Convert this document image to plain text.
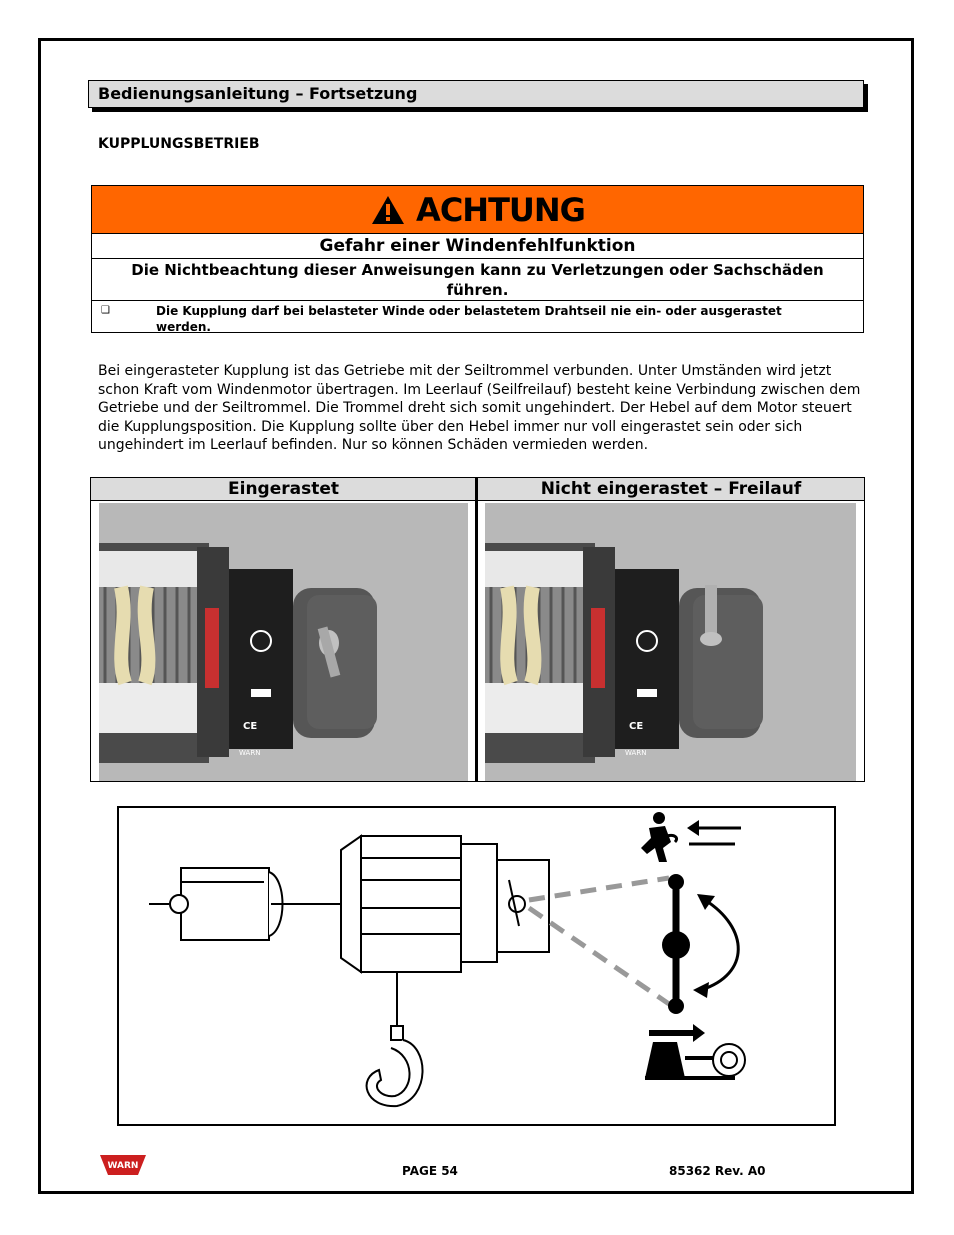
Bedienungsanleitung – Fortsetzung
KUPPLUNGSBETRIEB
ACHTUNG
Gefahr einer Windenfehlfunktion
Die Nichtbeachtung dieser Anweisungen kann zu Verletzungen oder Sachschäden führen.
❑	Die Kupplung darf bei belasteter Winde oder belastetem Drahtseil nie ein- oder ausgerastet werden.
Bei eingerasteter Kupplung ist das Getriebe mit der Seiltrommel verbunden. Unter Umständen wird jetzt
schon Kraft vom Windenmotor übertragen. Im Leerlauf (Seilfreilauf) besteht keine Verbindung zwischen dem
Getriebe und der Seiltrommel. Die Trommel dreht sich somit ungehindert. Der Hebel auf dem Motor steuert
die Kupplungsposition. Die Kupplung sollte über den Hebel immer nur voll eingerastet sein oder sich
ungehindert im Leerlauf befinden. Nur so können Schäden vermieden werden.
Eingerastet	Nicht eingerastet – Freilauf
CE
WARN
CE
WARN
WARN	PAGE 54	85362 Rev. A0
